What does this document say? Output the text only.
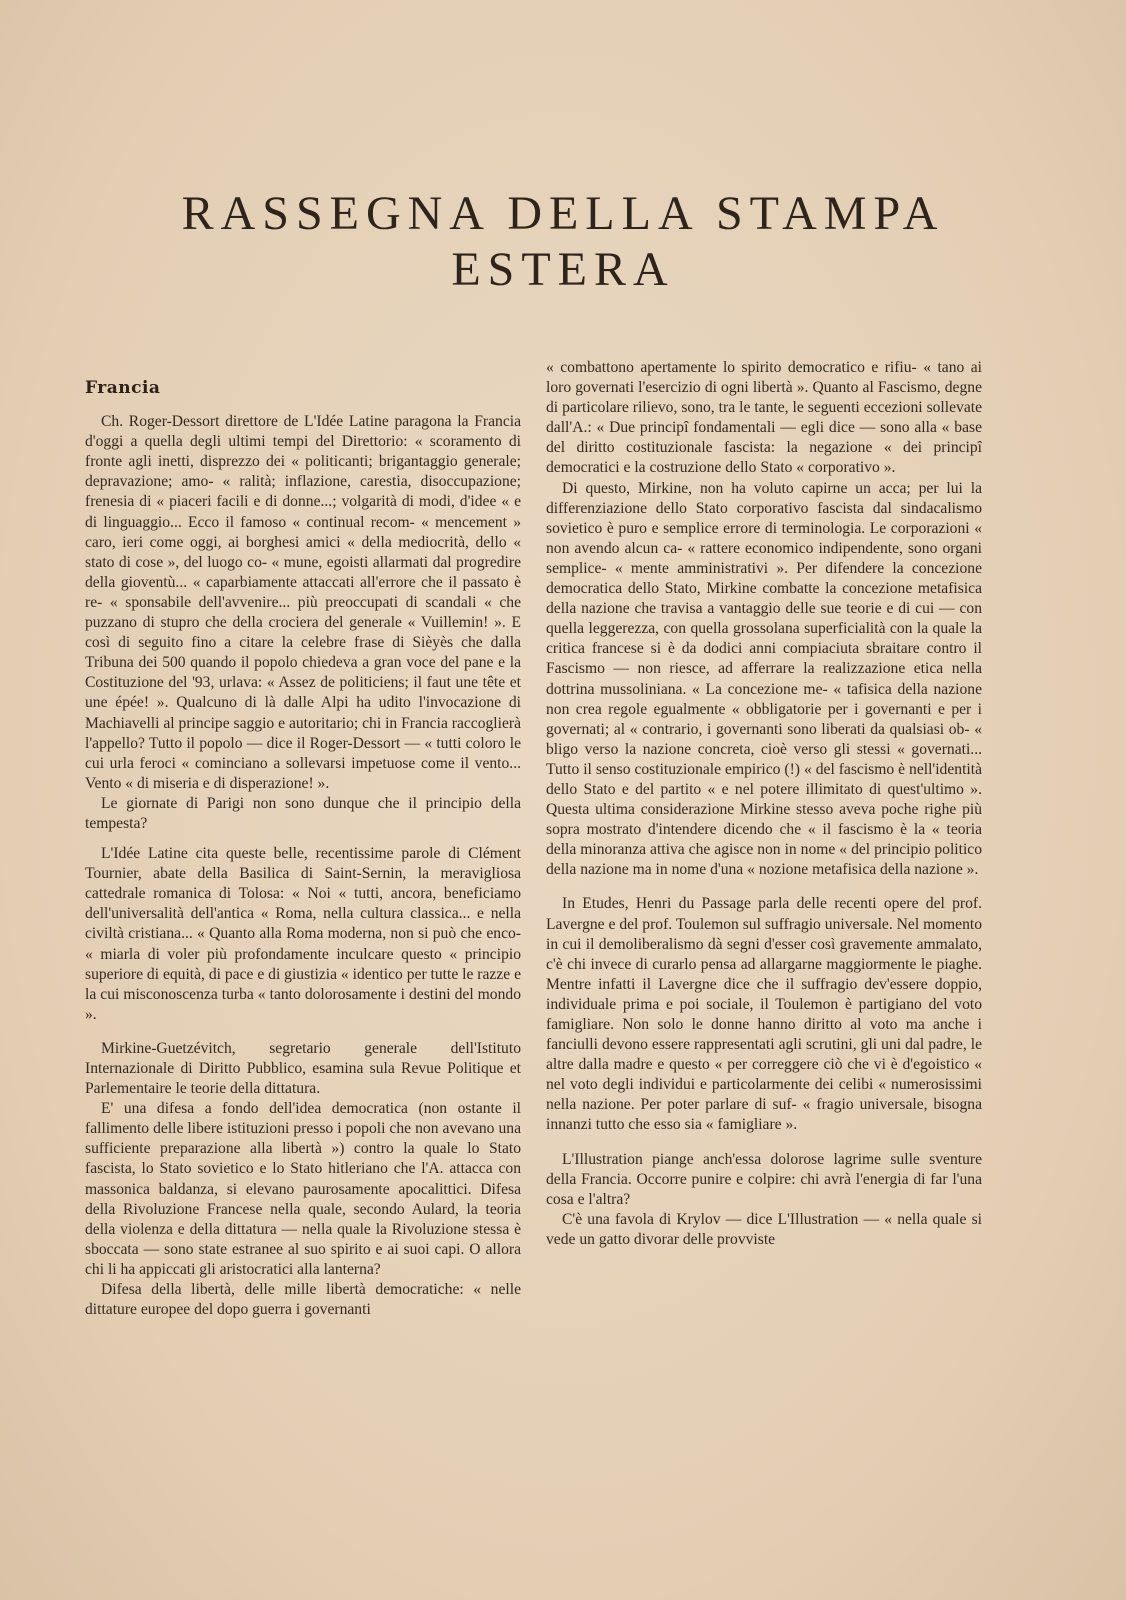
RASSEGNA DELLA STAMPA
ESTERA
Francia

Ch. Roger-Dessort direttore de L'Idée Latine paragona la Francia d'oggi a quella degli ultimi tempi del Direttorio: « scoramento di fronte agli inetti, disprezzo dei « politicanti; brigantaggio generale; depravazione; amo- « ralità; inflazione, carestia, disoccupazione; frenesia di « piaceri facili e di donne...; volgarità di modi, d'idee « e di linguaggio... Ecco il famoso « continual recom- « mencement » caro, ieri come oggi, ai borghesi amici « della mediocrità, dello « stato di cose », del luogo co- « mune, egoisti allarmati dal progredire della gioventù... « caparbiamente attaccati all'errore che il passato è re- « sponsabile dell'avvenire... più preoccupati di scandali « che puzzano di stupro che della crociera del generale « Vuillemin! ». E così di seguito fino a citare la celebre frase di Sièyès che dalla Tribuna dei 500 quando il popolo chiedeva a gran voce del pane e la Costituzione del '93, urlava: « Assez de politiciens; il faut une tête et une épée! ». Qualcuno di là dalle Alpi ha udito l'invocazione di Machiavelli al principe saggio e autoritario; chi in Francia raccoglierà l'appello? Tutto il popolo — dice il Roger-Dessort — « tutti coloro le cui urla feroci « cominciano a sollevarsi impetuose come il vento... Vento « di miseria e di disperazione! ».

Le giornate di Parigi non sono dunque che il principio della tempesta?

L'Idée Latine cita queste belle, recentissime parole di Clément Tournier, abate della Basilica di Saint-Sernin, la meravigliosa cattedrale romanica di Tolosa: « Noi « tutti, ancora, beneficiamo dell'universalità dell'antica « Roma, nella cultura classica... e nella civiltà cristiana... « Quanto alla Roma moderna, non si può che enco- « miarla di voler più profondamente inculcare questo « principio superiore di equità, di pace e di giustizia « identico per tutte le razze e la cui misconoscenza turba « tanto dolorosamente i destini del mondo ».

Mirkine-Guetzévitch, segretario generale dell'Istituto Internazionale di Diritto Pubblico, esamina sula Revue Politique et Parlementaire le teorie della dittatura.

E' una difesa a fondo dell'idea democratica (non ostante il fallimento delle libere istituzioni presso i popoli che non avevano una sufficiente preparazione alla libertà ») contro la quale lo Stato fascista, lo Stato sovietico e lo Stato hitleriano che l'A. attacca con massonica baldanza, si elevano paurosamente apocalittici. Difesa della Rivoluzione Francese nella quale, secondo Aulard, la teoria della violenza e della dittatura — nella quale la Rivoluzione stessa è sboccata — sono state estranee al suo spirito e ai suoi capi. O allora chi li ha appiccati gli aristocratici alla lanterna?

Difesa della libertà, delle mille libertà democratiche: « nelle dittature europee del dopo guerra i governanti

« combattono apertamente lo spirito democratico e rifiu- « tano ai loro governati l'esercizio di ogni libertà ». Quanto al Fascismo, degne di particolare rilievo, sono, tra le tante, le seguenti eccezioni sollevate dall'A.: « Due principî fondamentali — egli dice — sono alla « base del diritto costituzionale fascista: la negazione « dei principî democratici e la costruzione dello Stato « corporativo ».

Di questo, Mirkine, non ha voluto capirne un acca; per lui la differenziazione dello Stato corporativo fascista dal sindacalismo sovietico è puro e semplice errore di terminologia. Le corporazioni « non avendo alcun ca- « rattere economico indipendente, sono organi semplice- « mente amministrativi ». Per difendere la concezione democratica dello Stato, Mirkine combatte la concezione metafisica della nazione che travisa a vantaggio delle sue teorie e di cui — con quella leggerezza, con quella grossolana superficialità con la quale la critica francese si è da dodici anni compiaciuta sbraitare contro il Fascismo — non riesce, ad afferrare la realizzazione etica nella dottrina mussoliniana. « La concezione me- « tafisica della nazione non crea regole egualmente « obbligatorie per i governanti e per i governati; al « contrario, i governanti sono liberati da qualsiasi ob- « bligo verso la nazione concreta, cioè verso gli stessi « governati... Tutto il senso costituzionale empirico (!) « del fascismo è nell'identità dello Stato e del partito « e nel potere illimitato di quest'ultimo ». Questa ultima considerazione Mirkine stesso aveva poche righe più sopra mostrato d'intendere dicendo che « il fascismo è la « teoria della minoranza attiva che agisce non in nome « del principio politico della nazione ma in nome d'una « nozione metafisica della nazione ».

In Etudes, Henri du Passage parla delle recenti opere del prof. Lavergne e del prof. Toulemon sul suffragio universale. Nel momento in cui il demoliberalismo dà segni d'esser così gravemente ammalato, c'è chi invece di curarlo pensa ad allargarne maggiormente le piaghe. Mentre infatti il Lavergne dice che il suffragio dev'essere doppio, individuale prima e poi sociale, il Toulemon è partigiano del voto famigliare. Non solo le donne hanno diritto al voto ma anche i fanciulli devono essere rappresentati agli scrutini, gli uni dal padre, le altre dalla madre e questo « per correggere ciò che vi è d'egoistico « nel voto degli individui e particolarmente dei celibi « numerosissimi nella nazione. Per poter parlare di suf- « fragio universale, bisogna innanzi tutto che esso sia « famigliare ».

L'Illustration piange anch'essa dolorose lagrime sulle sventure della Francia. Occorre punire e colpire: chi avrà l'energia di far l'una cosa e l'altra?

C'è una favola di Krylov — dice L'Illustration — « nella quale si vede un gatto divorar delle provviste
